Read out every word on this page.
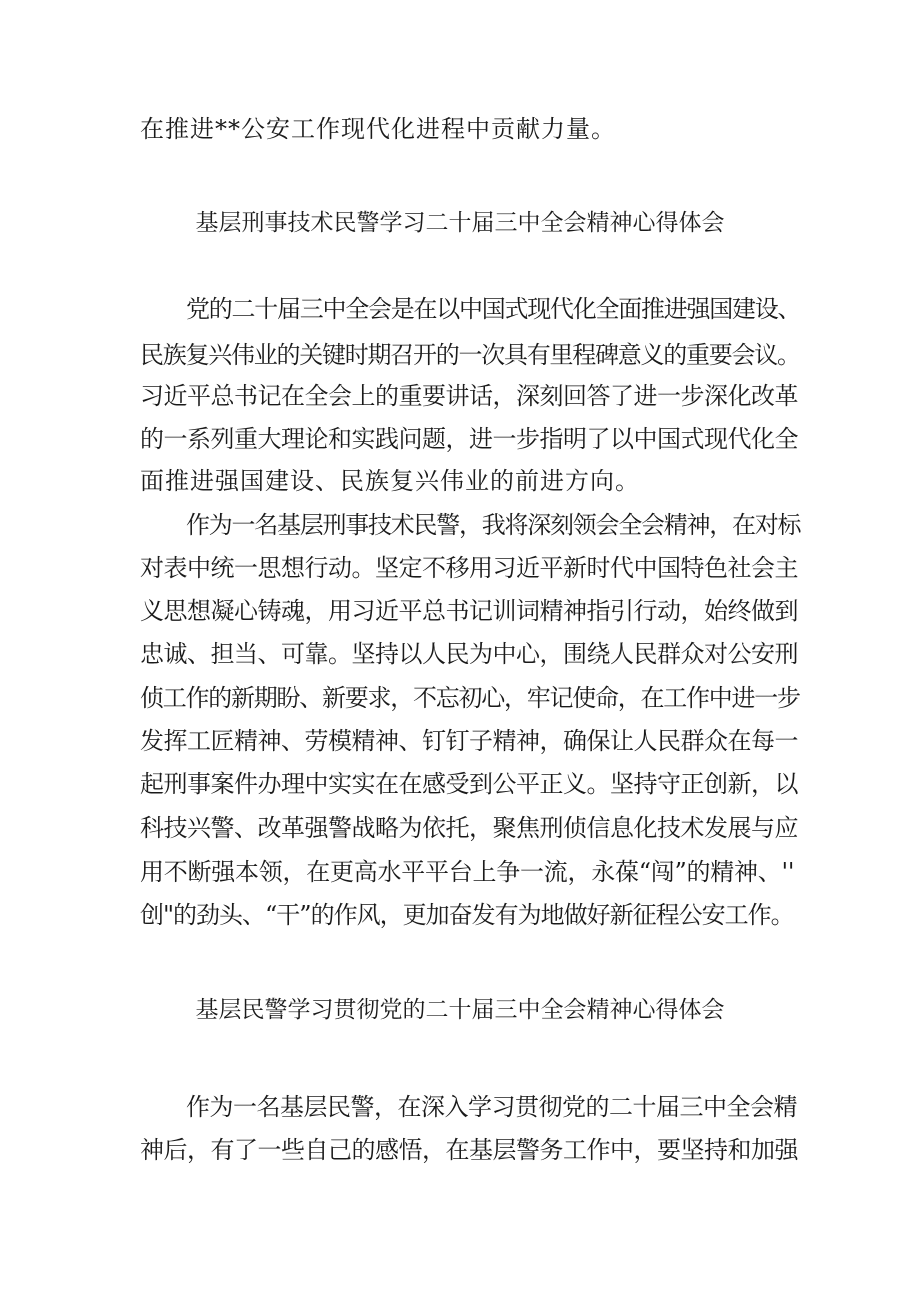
在推进**公安工作现代化进程中贡献力量。
基层刑事技术民警学习二十届三中全会精神心得体会
党的二十届三中全会是在以中国式现代化全面推进强国建设、
民族复兴伟业的关键时期召开的一次具有里程碑意义的重要会议。
习近平总书记在全会上的重要讲话，深刻回答了进一步深化改革
的一系列重大理论和实践问题，进一步指明了以中国式现代化全
面推进强国建设、民族复兴伟业的前进方向。
作为一名基层刑事技术民警，我将深刻领会全会精神，在对标
对表中统一思想行动。坚定不移用习近平新时代中国特色社会主
义思想凝心铸魂，用习近平总书记训词精神指引行动，始终做到
忠诚、担当、可靠。坚持以人民为中心，围绕人民群众对公安刑
侦工作的新期盼、新要求，不忘初心，牢记使命，在工作中进一步
发挥工匠精神、劳模精神、钉钉子精神，确保让人民群众在每一
起刑事案件办理中实实在在感受到公平正义。坚持守正创新，以
科技兴警、改革强警战略为依托，聚焦刑侦信息化技术发展与应
用不断强本领，在更高水平平台上争一流，永葆“闯”的精神、''
创"的劲头、“干”的作风，更加奋发有为地做好新征程公安工作。
基层民警学习贯彻党的二十届三中全会精神心得体会
作为一名基层民警，在深入学习贯彻党的二十届三中全会精
神后，有了一些自己的感悟，在基层警务工作中，要坚持和加强
